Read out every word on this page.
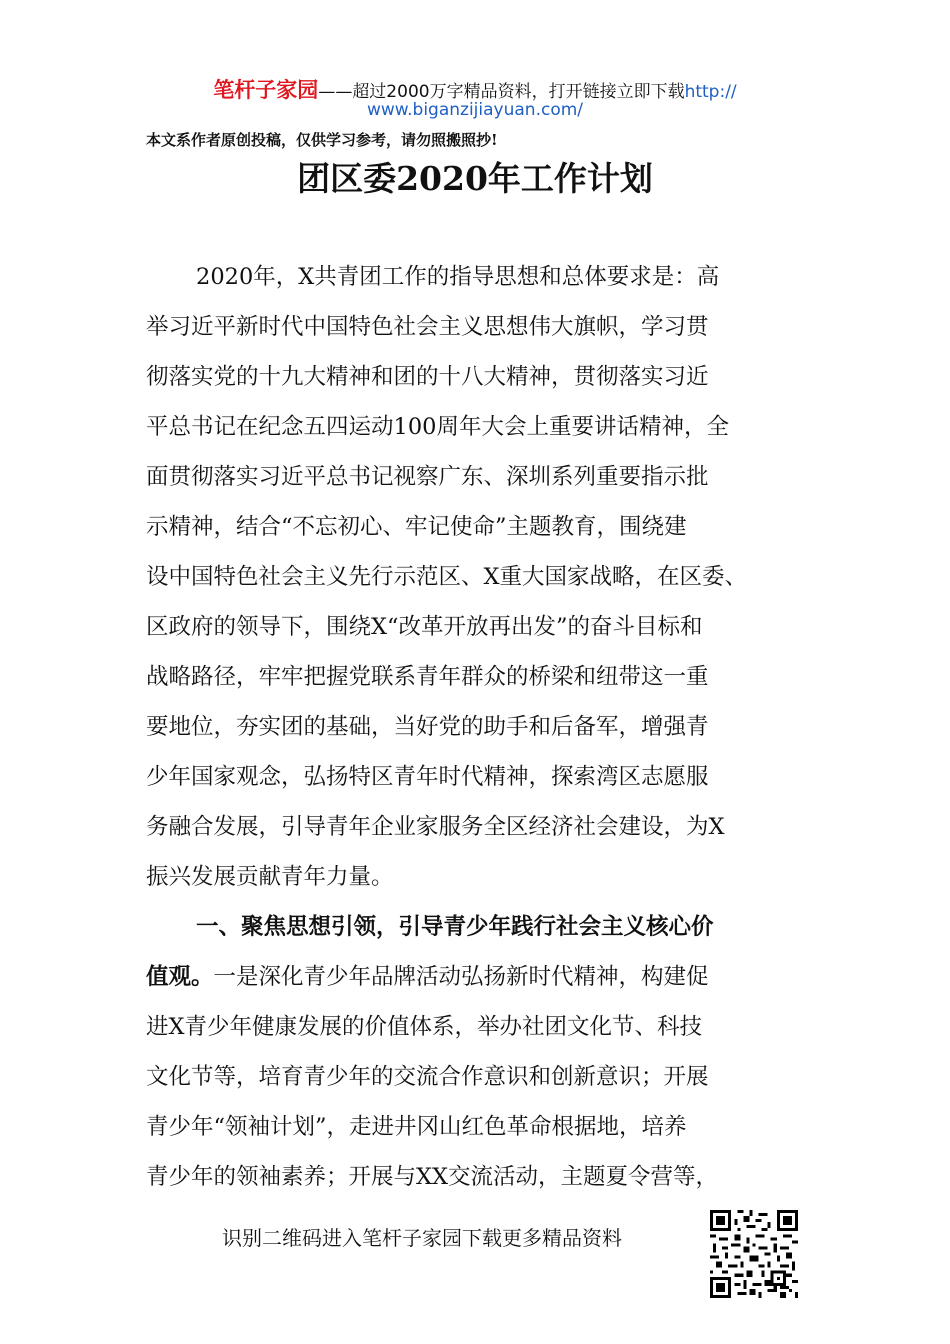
笔杆子家园——超过2000万字精品资料，打开链接立即下载http://
www.biganzijiayuan.com/
本文系作者原创投稿，仅供学习参考，请勿照搬照抄!
团区委2020年工作计划
2020年，X共青团工作的指导思想和总体要求是：高
举习近平新时代中国特色社会主义思想伟大旗帜，学习贯
彻落实党的十九大精神和团的十八大精神，贯彻落实习近
平总书记在纪念五四运动100周年大会上重要讲话精神，全
面贯彻落实习近平总书记视察广东、深圳系列重要指示批
示精神，结合“不忘初心、牢记使命”主题教育，围绕建
设中国特色社会主义先行示范区、X重大国家战略，在区委、
区政府的领导下，围绕X“改革开放再出发”的奋斗目标和
战略路径，牢牢把握党联系青年群众的桥梁和纽带这一重
要地位，夯实团的基础，当好党的助手和后备军，增强青
少年国家观念，弘扬特区青年时代精神，探索湾区志愿服
务融合发展，引导青年企业家服务全区经济社会建设，为X
振兴发展贡献青年力量。
一、聚焦思想引领，引导青少年践行社会主义核心价
值观。一是深化青少年品牌活动弘扬新时代精神，构建促
进X青少年健康发展的价值体系，举办社团文化节、科技
文化节等，培育青少年的交流合作意识和创新意识；开展
青少年“领袖计划”，走进井冈山红色革命根据地，培养
青少年的领袖素养；开展与XX交流活动，主题夏令营等，
识别二维码进入笔杆子家园下载更多精品资料
